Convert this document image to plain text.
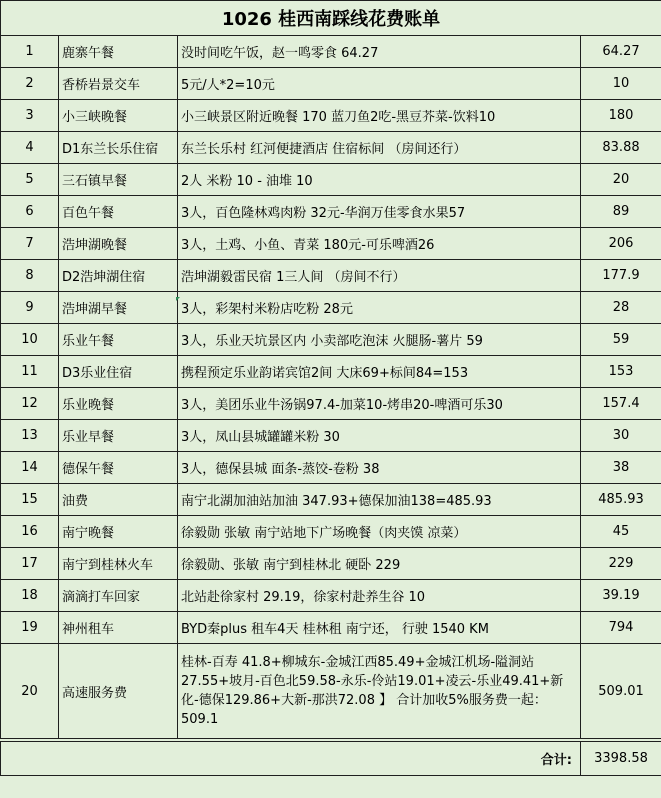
1026 桂西南踩线花费账单			
1	鹿寨午餐	没时间吃午饭，赵一鸣零食 64.27	64.27
2	香桥岩景交车	5元/人*2=10元	10
3	小三峡晚餐	小三峡景区附近晚餐 170 蓝刀鱼2吃-黑豆芥菜-饮料10	180
4	D1东兰长乐住宿	东兰长乐村 红河便捷酒店 住宿标间 （房间还行）	83.88
5	三石镇早餐	2人 米粉 10 - 油堆 10	20
6	百色午餐	3人，百色隆林鸡肉粉 32元-华润万佳零食水果57	89
7	浩坤湖晚餐	3人，土鸡、小鱼、青菜 180元-可乐啤酒26	206
8	D2浩坤湖住宿	浩坤湖毅雷民宿 1三人间 （房间不行）	177.9
9	浩坤湖早餐	3人，彩架村米粉店吃粉 28元	28
10	乐业午餐	3人，乐业天坑景区内 小卖部吃泡沫 火腿肠-薯片 59	59
11	D3乐业住宿	携程预定乐业韵诺宾馆2间 大床69+标间84=153	153
12	乐业晚餐	3人，美团乐业牛汤锅97.4-加菜10-烤串20-啤酒可乐30	157.4
13	乐业早餐	3人，凤山县城罐罐米粉 30	30
14	德保午餐	3人，德保县城 面条-蒸饺-卷粉 38	38
15	油费	南宁北湖加油站加油 347.93+德保加油138=485.93	485.93
16	南宁晚餐	徐毅勋 张敏 南宁站地下广场晚餐（肉夹馍 凉菜）	45
17	南宁到桂林火车	徐毅勋、张敏 南宁到桂林北 硬卧 229	229
18	滴滴打车回家	北站赴徐家村 29.19，徐家村赴养生谷 10	39.19
19	神州租车	BYD秦plus 租车4天 桂林租 南宁还， 行驶 1540 KM	794
20	高速服务费	桂林-百寿 41.8+柳城东-金城江西85.49+金城江机场-隘洞站27.55+坡月-百色北59.58-永乐-伶站19.01+凌云-乐业49.41+新化-德保129.86+大新-那洪72.08 】 合计加收5%服务费一起：509.1	509.01

合计:			3398.58
